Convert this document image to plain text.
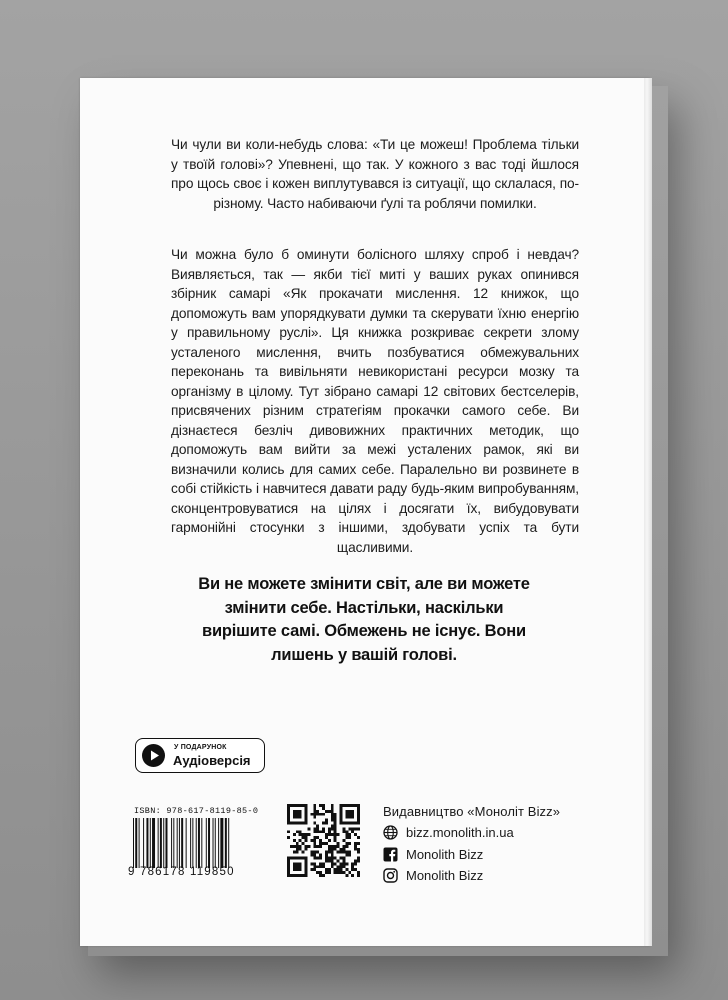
Чи чули ви коли-небудь слова: «Ти це можеш! Проблема тільки у твоїй голові»? Упевнені, що так. У кожного з вас тоді йшлося про щось своє і кожен виплутувався із ситуації, що склалася, по-різному. Часто набиваючи ґулі та роблячи помилки.
Чи можна було б оминути болісного шляху спроб і невдач? Виявляється, так — якби тієї миті у ваших руках опинився збірник самарі «Як прокачати мислення. 12 книжок, що допоможуть вам упорядкувати думки та скерувати їхню енергію у правильному руслі». Ця книжка розкриває секрети злому усталеного мислення, вчить позбуватися обмежувальних переконань та вивільняти невикористані ресурси мозку та організму в цілому. Тут зібрано самарі 12 світових бестселерів, присвячених різним стратегіям прокачки самого себе. Ви дізнаєтеся безліч дивовижних практичних методик, що допоможуть вам вийти за межі усталених рамок, які ви визначили колись для самих себе. Паралельно ви розвинете в собі стійкість і навчитеся давати раду будь-яким випробуванням, сконцентровуватися на цілях і досягати їх, вибудовувати гармонійні стосунки з іншими, здобувати успіх та бути щасливими.
Ви не можете змінити світ, але ви можете змінити себе. Настільки, наскільки вирішите самі. Обмежень не існує. Вони лишень у вашій голові.
У ПОДАРУНОК
Аудіоверсія
ISBN: 978-617-8119-85-0
9 786178 119850
Видавництво «Моноліт Bizz»
bizz.monolith.in.ua
Monolith Bizz
Monolith Bizz
